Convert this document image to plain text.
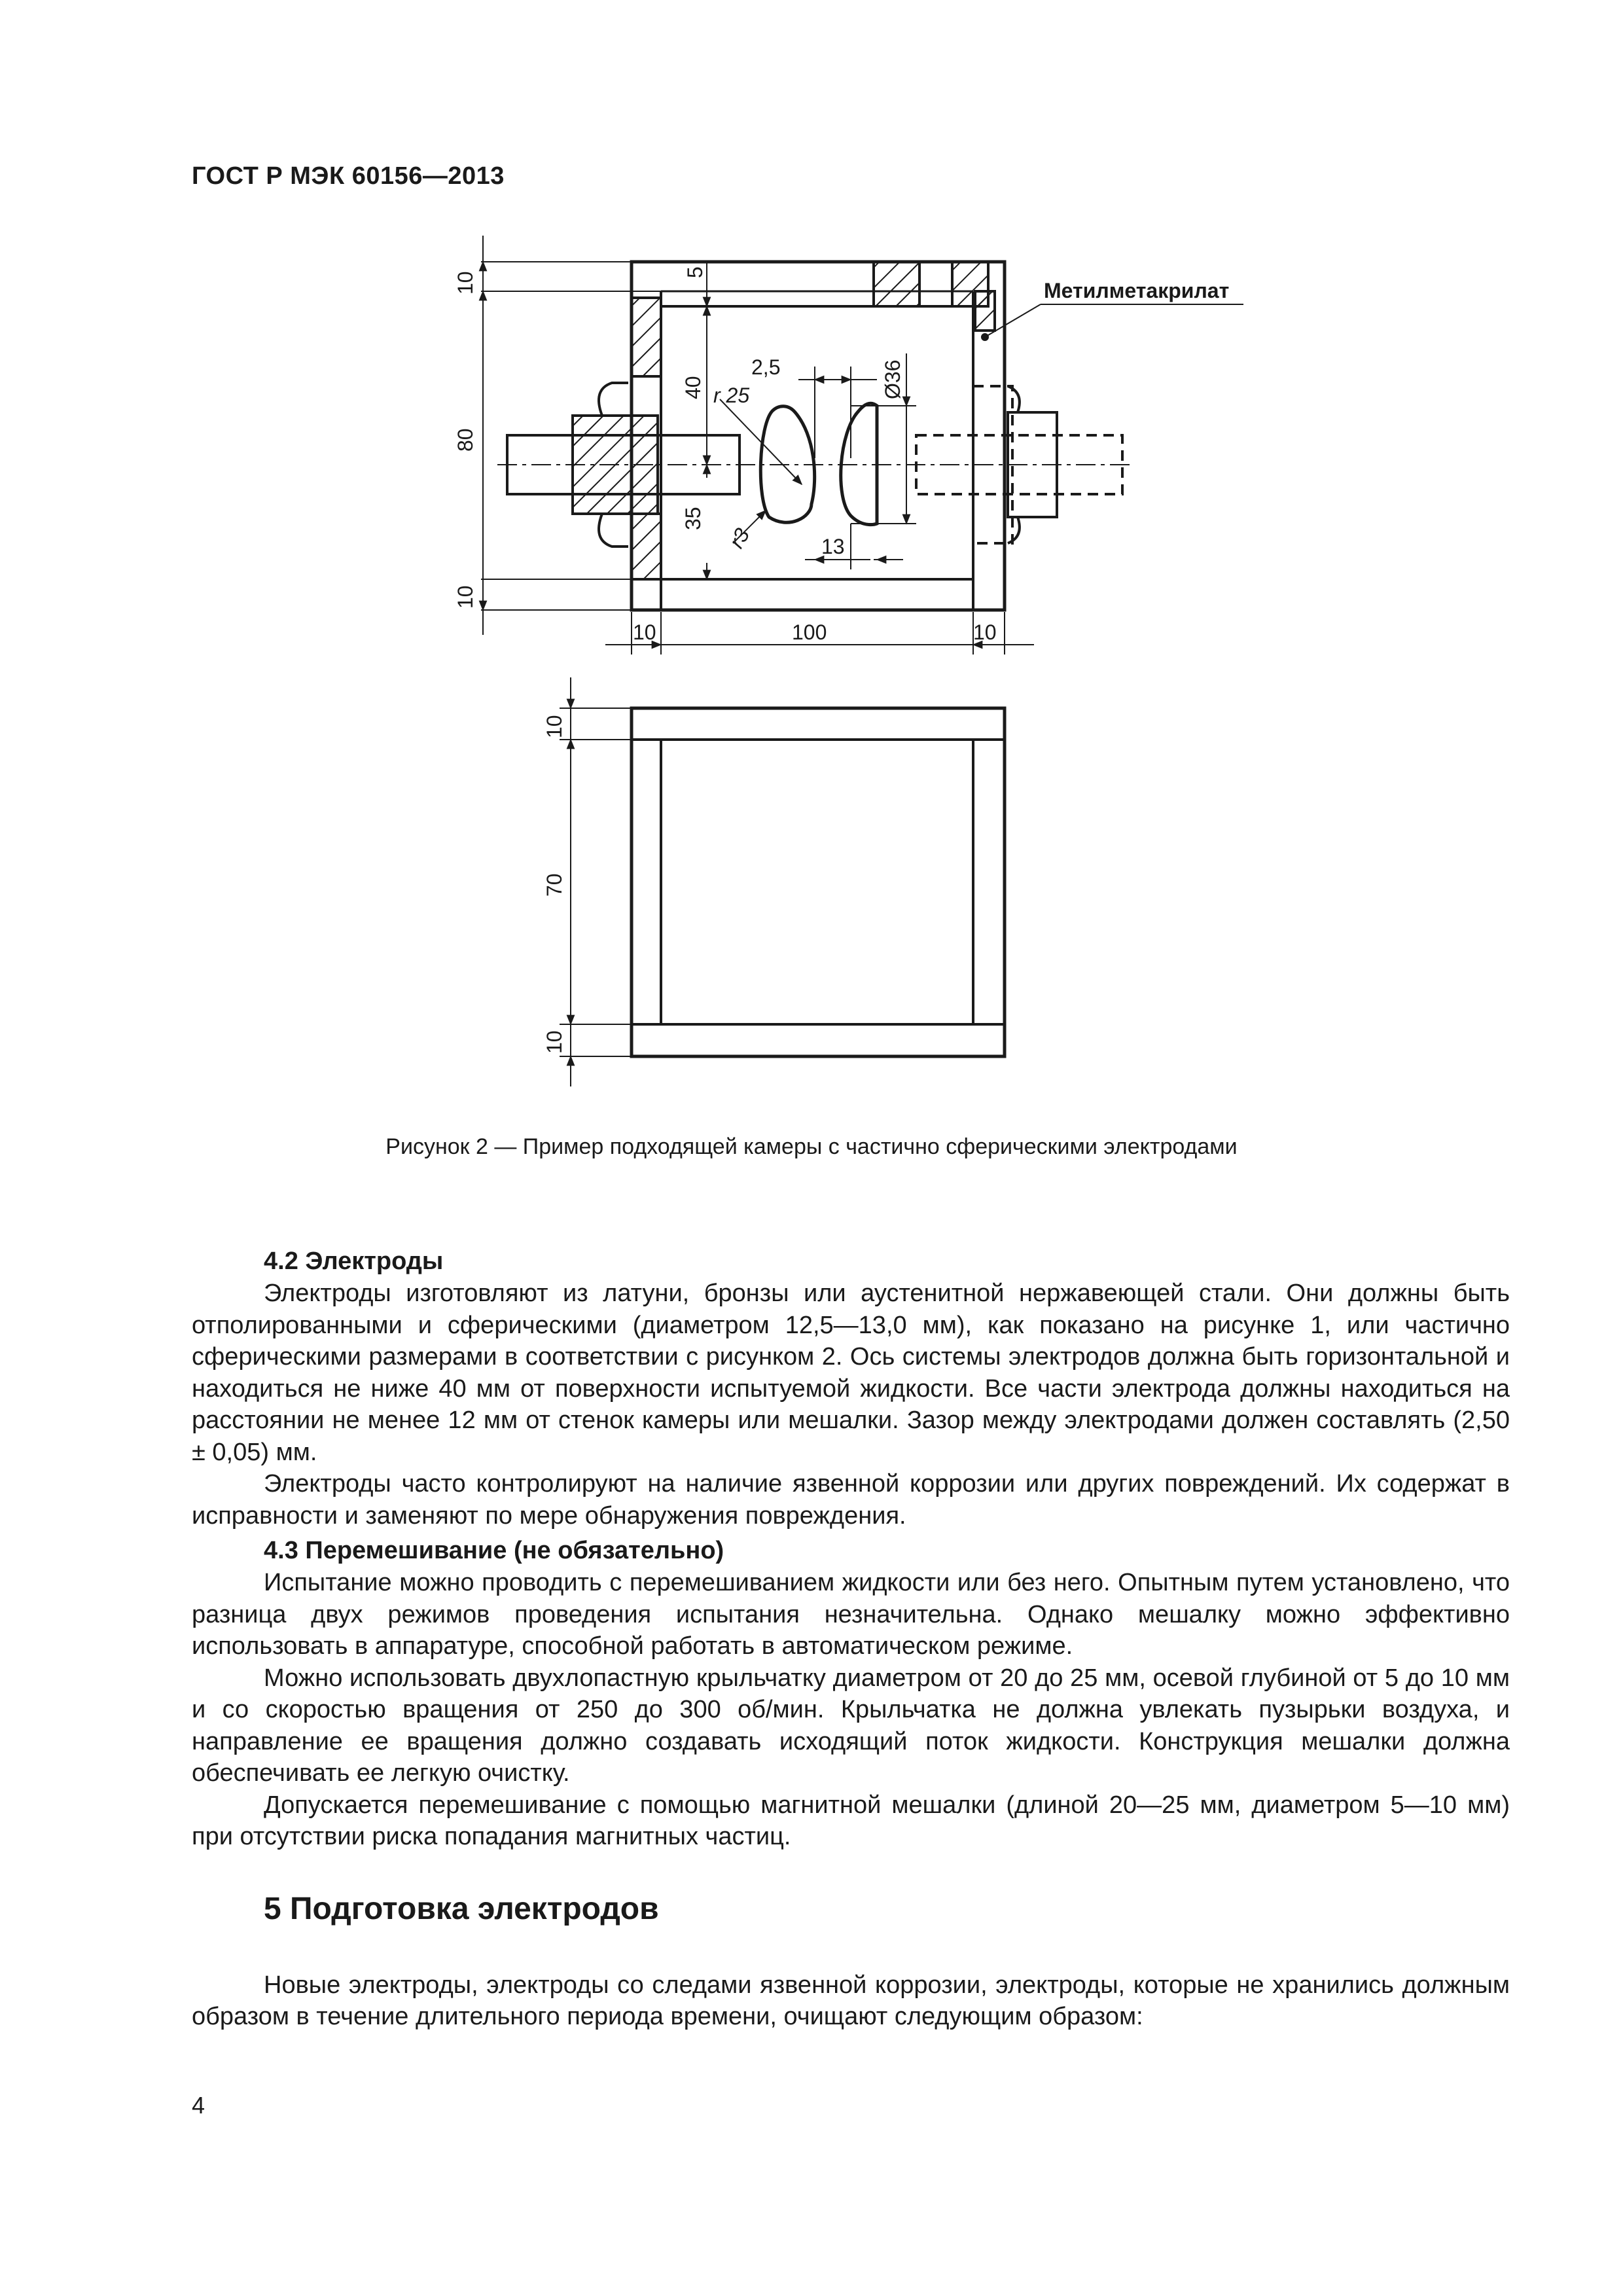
ГОСТ Р МЭК 60156—2013
10	5
80
40
35
10
2,5
r 25	Ø36
r3	13
10	100	10
Метилметакрилат
10
70
10
Рисунок 2 — Пример подходящей камеры с частично сферическими электродами
4.2 Электроды

Электроды изготовляют из латуни, бронзы или аустенитной нержавеющей стали. Они должны быть отполированными и сферическими (диаметром 12,5—13,0 мм), как показано на рисунке 1, или частично сферическими размерами в соответствии с рисунком 2. Ось системы электродов должна быть горизонтальной и находиться не ниже 40 мм от поверхности испытуемой жидкости. Все части электрода должны находиться на расстоянии не менее 12 мм от стенок камеры или мешалки. Зазор между электродами должен составлять (2,50 ± 0,05) мм.

Электроды часто контролируют на наличие язвенной коррозии или других повреждений. Их содержат в исправности и заменяют по мере обнаружения повреждения.

4.3 Перемешивание (не обязательно)

Испытание можно проводить с перемешиванием жидкости или без него. Опытным путем установлено, что разница двух режимов проведения испытания незначительна. Однако мешалку можно эффективно использовать в аппаратуре, способной работать в автоматическом режиме.

Можно использовать двухлопастную крыльчатку диаметром от 20 до 25 мм, осевой глубиной от 5 до 10 мм и со скоростью вращения от 250 до 300 об/мин. Крыльчатка не должна увлекать пузырьки воздуха, и направление ее вращения должно создавать исходящий поток жидкости. Конструкция мешалки должна обеспечивать ее легкую очистку.

Допускается перемешивание с помощью магнитной мешалки (длиной 20—25 мм, диаметром 5—10 мм) при отсутствии риска попадания магнитных частиц.

5 Подготовка электродов

Новые электроды, электроды со следами язвенной коррозии, электроды, которые не хранились должным образом в течение длительного периода времени, очищают следующим образом:

4
